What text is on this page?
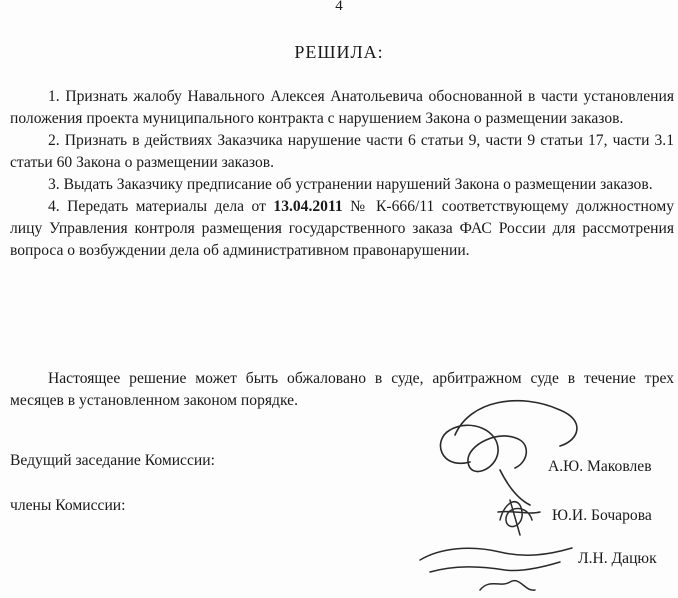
4
РЕШИЛА:

1. Признать жалобу Навального Алексея Анатольевича обоснованной в части установления положения проекта муниципального контракта с нарушением Закона о размещении заказов.

2. Признать в действиях Заказчика нарушение части 6 статьи 9, части 9 статьи 17, части 3.1 статьи 60 Закона о размещении заказов.

3. Выдать Заказчику предписание об устранении нарушений Закона о размещении заказов.

4. Передать материалы дела от 13.04.2011 № К-666/11 соответствующему должностному лицу Управления контроля размещения государственного заказа ФАС России для рассмотрения вопроса о возбуждении дела об административном правонарушении.

Настоящее решение может быть обжаловано в суде, арбитражном суде в течение трех месяцев в установленном законом порядке.

Ведущий заседание Комиссии:	А.Ю. Маковлев
члены Комиссии:
Ю.И. Бочарова
Л.Н. Дацюк
